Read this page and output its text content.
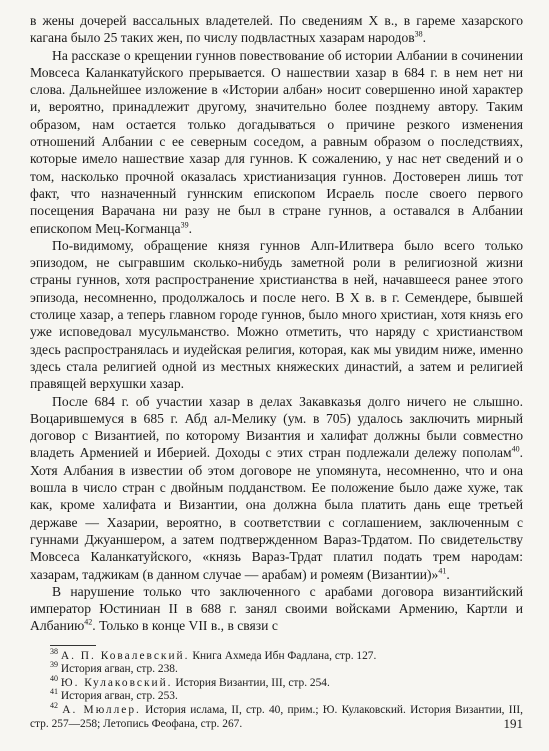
в жены дочерей вассальных владетелей. По сведениям X в., в гареме хазарского кагана было 25 таких жен, по числу подвластных хазарам народов$^{38}$.

На рассказе о крещении гуннов повествование об истории Албании в сочинении Мовсеса Каланкатуйского прерывается. О нашествии хазар в 684 г. в нем нет ни слова. Дальнейшее изложение в «Истории албан» носит совершенно иной характер и, вероятно, принадлежит другому, значительно более позднему автору. Таким образом, нам остается только догадываться о причине резкого изменения отношений Албании с ее северным соседом, а равным образом о последствиях, которые имело нашествие хазар для гуннов. К сожалению, у нас нет сведений и о том, насколько прочной оказалась христианизация гуннов. Достоверен лишь тот факт, что назначенный гуннским епископом Исраель после своего первого посещения Варачана ни разу не был в стране гуннов, а оставался в Албании епископом Мец-Когманца$^{39}$.

По-видимому, обращение князя гуннов Алп-Илитвера было всего только эпизодом, не сыгравшим сколько-нибудь заметной роли в религиозной жизни страны гуннов, хотя распространение христианства в ней, начавшееся ранее этого эпизода, несомненно, продолжалось и после него. В X в. в г. Семендере, бывшей столице хазар, а теперь главном городе гуннов, было много христиан, хотя князь его уже исповедовал мусульманство. Можно отметить, что наряду с христианством здесь распространялась и иудейская религия, которая, как мы увидим ниже, именно здесь стала религией одной из местных княжеских династий, а затем и религией правящей верхушки хазар.

После 684 г. об участии хазар в делах Закавказья долго ничего не слышно. Воцарившемуся в 685 г. Абд ал-Мелику (ум. в 705) удалось заключить мирный договор с Византией, по которому Византия и халифат должны были совместно владеть Арменией и Иберией. Доходы с этих стран подлежали дележу пополам$^{40}$. Хотя Албания в известии об этом договоре не упомянута, несомненно, что и она вошла в число стран с двойным подданством. Ее положение было даже хуже, так как, кроме халифата и Византии, она должна была платить дань еще третьей державе — Хазарии, вероятно, в соответствии с соглашением, заключенным с гуннами Джуаншером, а затем подтвержденном Вараз-Трдатом. По свидетельству Мовсеса Каланкатуйского, «князь Вараз-Трдат платил подать трем народам: хазарам, таджикам (в данном случае — арабам) и ромеям (Византии)»$^{41}$.

В нарушение только что заключенного с арабами договора византийский император Юстиниан II в 688 г. занял своими войсками Армению, Картли и Албанию$^{42}$. Только в конце VII в., в связи с

$^{38}$ А. П. Ковалевский. Книга Ахмеда Ибн Фадлана, стр. 127.

$^{39}$ История агван, стр. 238.

$^{40}$ Ю. Кулаковский. История Византии, III, стр. 254.

$^{41}$ История агван, стр. 253.

$^{42}$ А. Мюллер. История ислама, II, стр. 40, прим.; Ю. Кулаковский. История Византии, III, стр. 257—258; Летопись Феофана, стр. 267.	191
